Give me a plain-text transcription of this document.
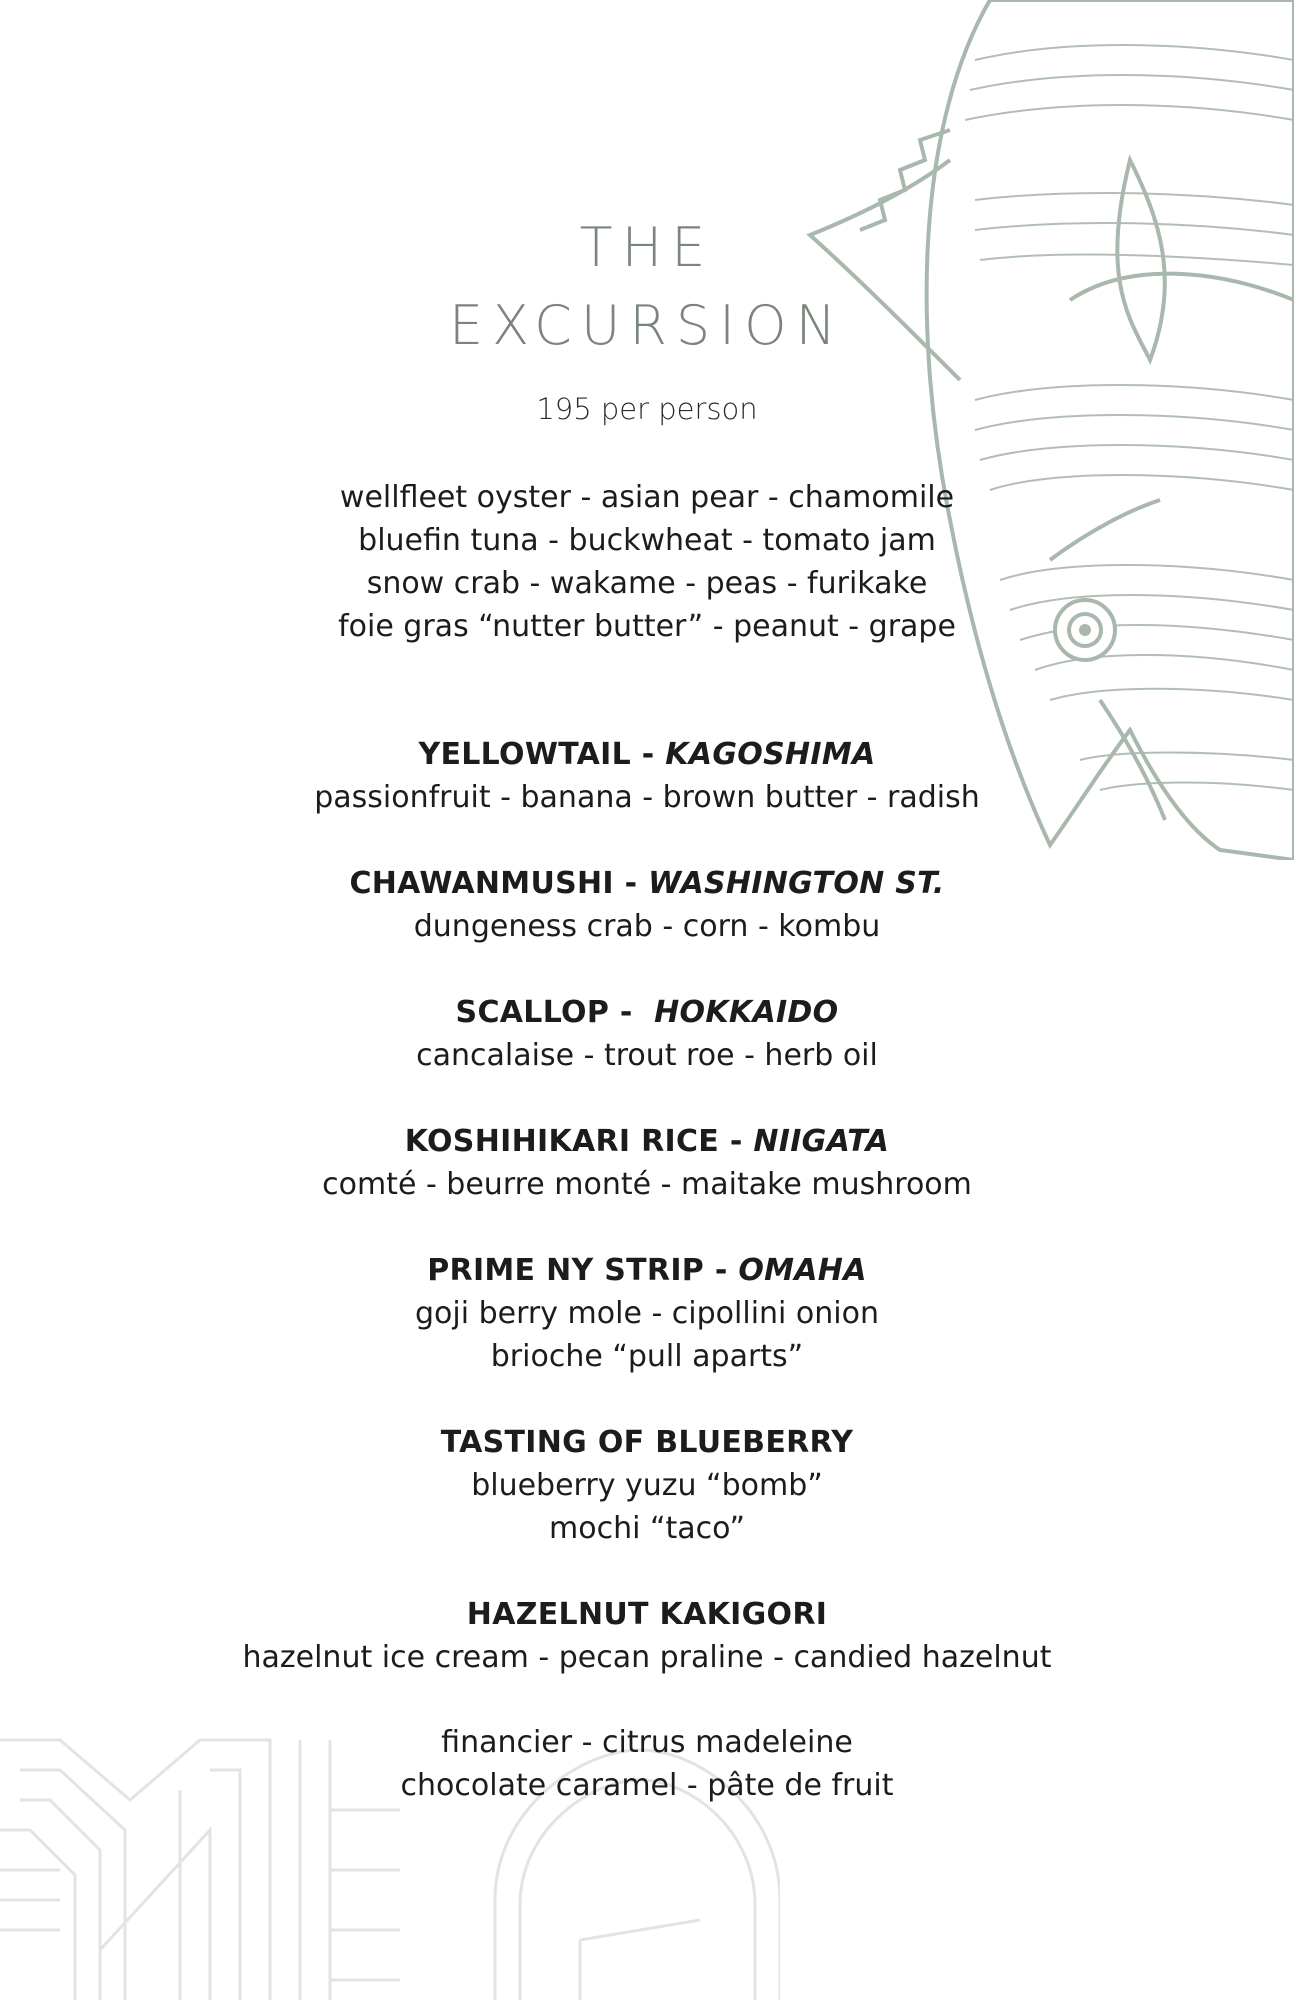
THE
EXCURSION
195 per person
wellfleet oyster - asian pear - chamomile
bluefin tuna - buckwheat - tomato jam
snow crab - wakame - peas - furikake
foie gras “nutter butter” - peanut - grape
YELLOWTAIL - KAGOSHIMA
passionfruit - banana - brown butter - radish
CHAWANMUSHI - WASHINGTON ST.
dungeness crab - corn - kombu
SCALLOP -  HOKKAIDO
cancalaise - trout roe - herb oil
KOSHIHIKARI RICE - NIIGATA
comté - beurre monté - maitake mushroom
PRIME NY STRIP - OMAHA
goji berry mole - cipollini onion
brioche “pull aparts”
TASTING OF BLUEBERRY
blueberry yuzu “bomb”
mochi “taco”
HAZELNUT KAKIGORI
hazelnut ice cream - pecan praline - candied hazelnut
financier - citrus madeleine
chocolate caramel - pâte de fruit
